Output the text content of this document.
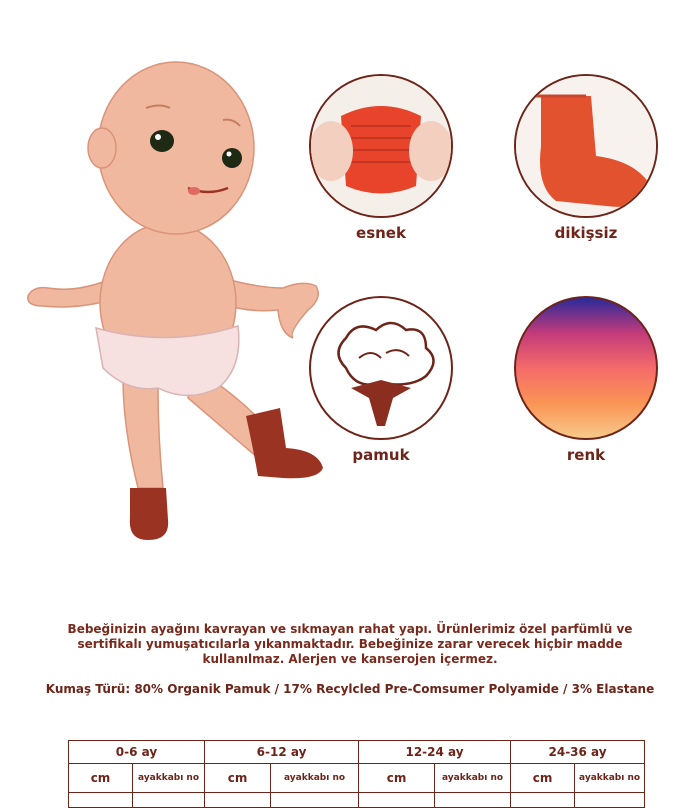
esnek	dikişsiz
pamuk	renk
Bebeğinizin ayağını kavrayan ve sıkmayan rahat yapı. Ürünlerimiz özel parfümlü ve sertifikalı yumuşatıcılarla yıkanmaktadır. Bebeğinize zarar verecek hiçbir madde kullanılmaz. Alerjen ve kanserojen içermez.
Kumaş Türü: 80% Organik Pamuk / 17% Recylcled Pre-Comsumer Polyamide / 3% Elastane
0-6 ay		6-12 ay		12-24 ay		24-36 ay	
cm	ayakkabı no	cm	ayakkabı no	cm	ayakkabı no	cm	ayakkabı no
